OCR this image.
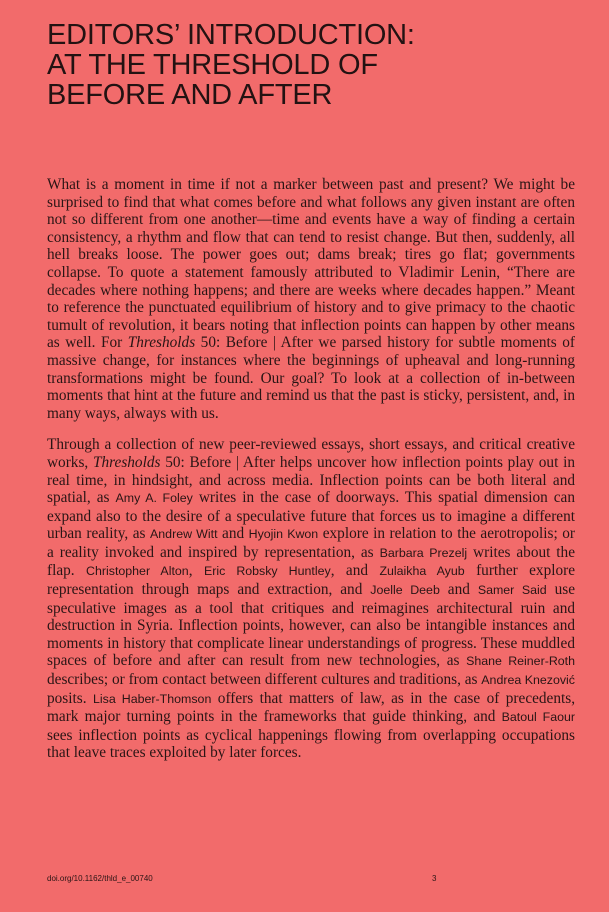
EDITORS’ INTRODUCTION:
AT THE THRESHOLD OF
BEFORE AND AFTER

What is a moment in time if not a marker between past and present? We might be surprised to find that what comes before and what follows any given instant are often not so different from one another—time and events have a way of finding a certain consistency, a rhythm and flow that can tend to resist change. But then, suddenly, all hell breaks loose. The power goes out; dams break; tires go flat; governments collapse. To quote a statement famously attributed to Vladimir Lenin, “There are decades where nothing happens; and there are weeks where decades happen.” Meant to reference the punctuated equilibrium of history and to give primacy to the chaotic tumult of revolution, it bears noting that inflection points can happen by other means as well. For Thresholds 50: Before | After we parsed history for subtle moments of massive change, for instances where the beginnings of upheaval and long-running transformations might be found. Our goal? To look at a collection of in-between moments that hint at the future and remind us that the past is sticky, persistent, and, in many ways, always with us.

Through a collection of new peer-reviewed essays, short essays, and critical creative works, Thresholds 50: Before | After helps uncover how inflection points play out in real time, in hindsight, and across media. Inflection points can be both literal and spatial, as Amy A. Foley writes in the case of doorways. This spatial dimension can expand also to the desire of a speculative future that forces us to imagine a different urban reality, as Andrew Witt and Hyojin Kwon explore in relation to the aerotropolis; or a reality invoked and inspired by representation, as Barbara Prezelj writes about the flap. Christopher Alton, Eric Robsky Huntley, and Zulaikha Ayub further explore representation through maps and extraction, and Joelle Deeb and Samer Said use speculative images as a tool that critiques and reimagines architectural ruin and destruction in Syria. Inflection points, however, can also be intangible instances and moments in history that complicate linear understandings of progress. These muddled spaces of before and after can result from new technologies, as Shane Reiner-Roth describes; or from contact between different cultures and traditions, as Andrea Knezović posits. Lisa Haber-Thomson offers that matters of law, as in the case of precedents, mark major turning points in the frameworks that guide thinking, and Batoul Faour sees inflection points as cyclical happenings flowing from overlapping occupations that leave traces exploited by later forces.

doi.org/10.1162/thld_e_00740	3
